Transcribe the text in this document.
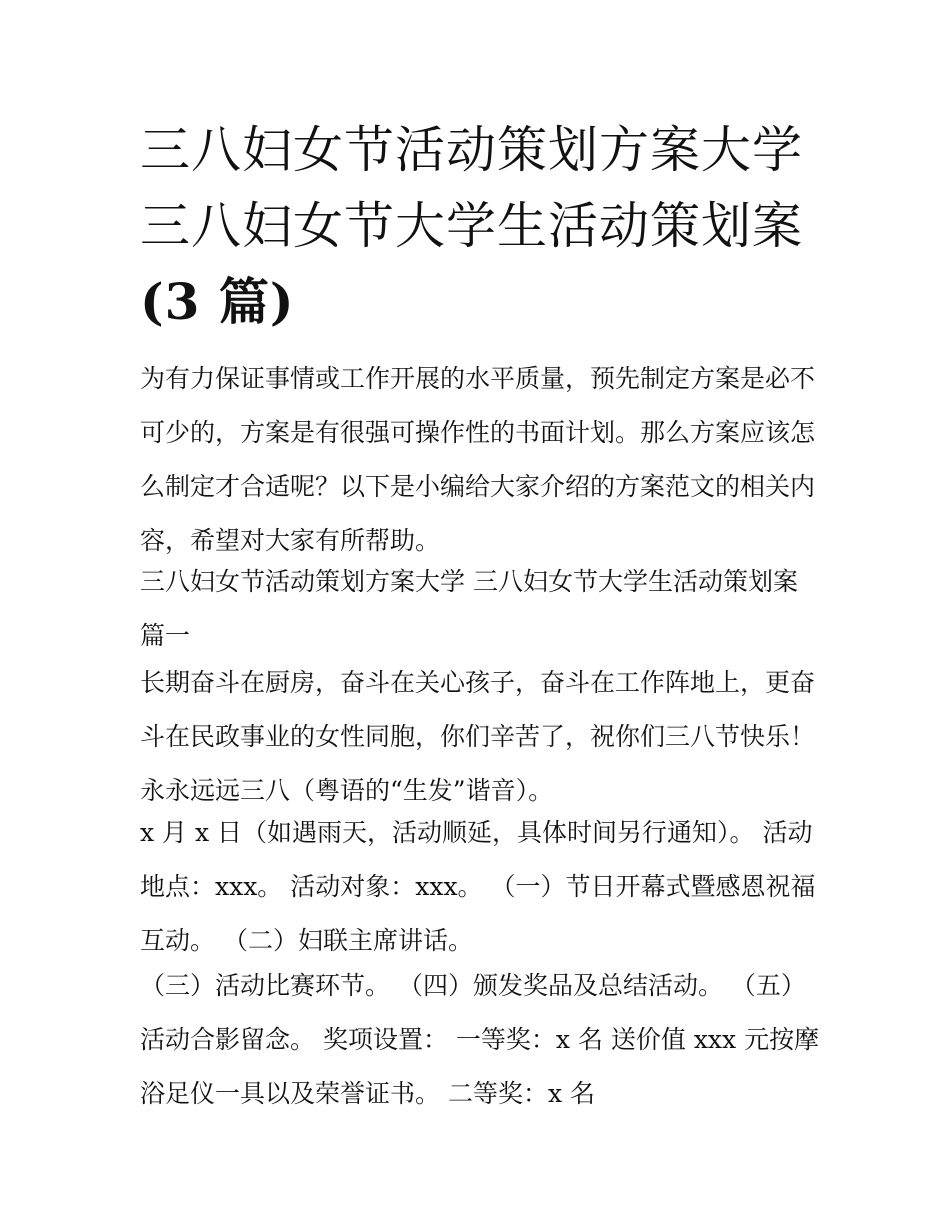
三八妇女节活动策划方案大学
三八妇女节大学生活动策划案
(3 篇)

为有力保证事情或工作开展的水平质量，预先制定方案是必不
可少的，方案是有很强可操作性的书面计划。那么方案应该怎
么制定才合适呢？以下是小编给大家介绍的方案范文的相关内
容，希望对大家有所帮助。

三八妇女节活动策划方案大学 三八妇女节大学生活动策划案
篇一

长期奋斗在厨房，奋斗在关心孩子，奋斗在工作阵地上，更奋
斗在民政事业的女性同胞，你们辛苦了，祝你们三八节快乐！
永永远远三八（粤语的“生发”谐音）。

x 月 x 日（如遇雨天，活动顺延，具体时间另行通知）。 活动
地点：xxx。 活动对象：xxx。 （一）节日开幕式暨感恩祝福
互动。 （二）妇联主席讲话。

（三）活动比赛环节。 （四）颁发奖品及总结活动。 （五）
活动合影留念。 奖项设置： 一等奖：x 名 送价值 xxx 元按摩
浴足仪一具以及荣誉证书。 二等奖：x 名
